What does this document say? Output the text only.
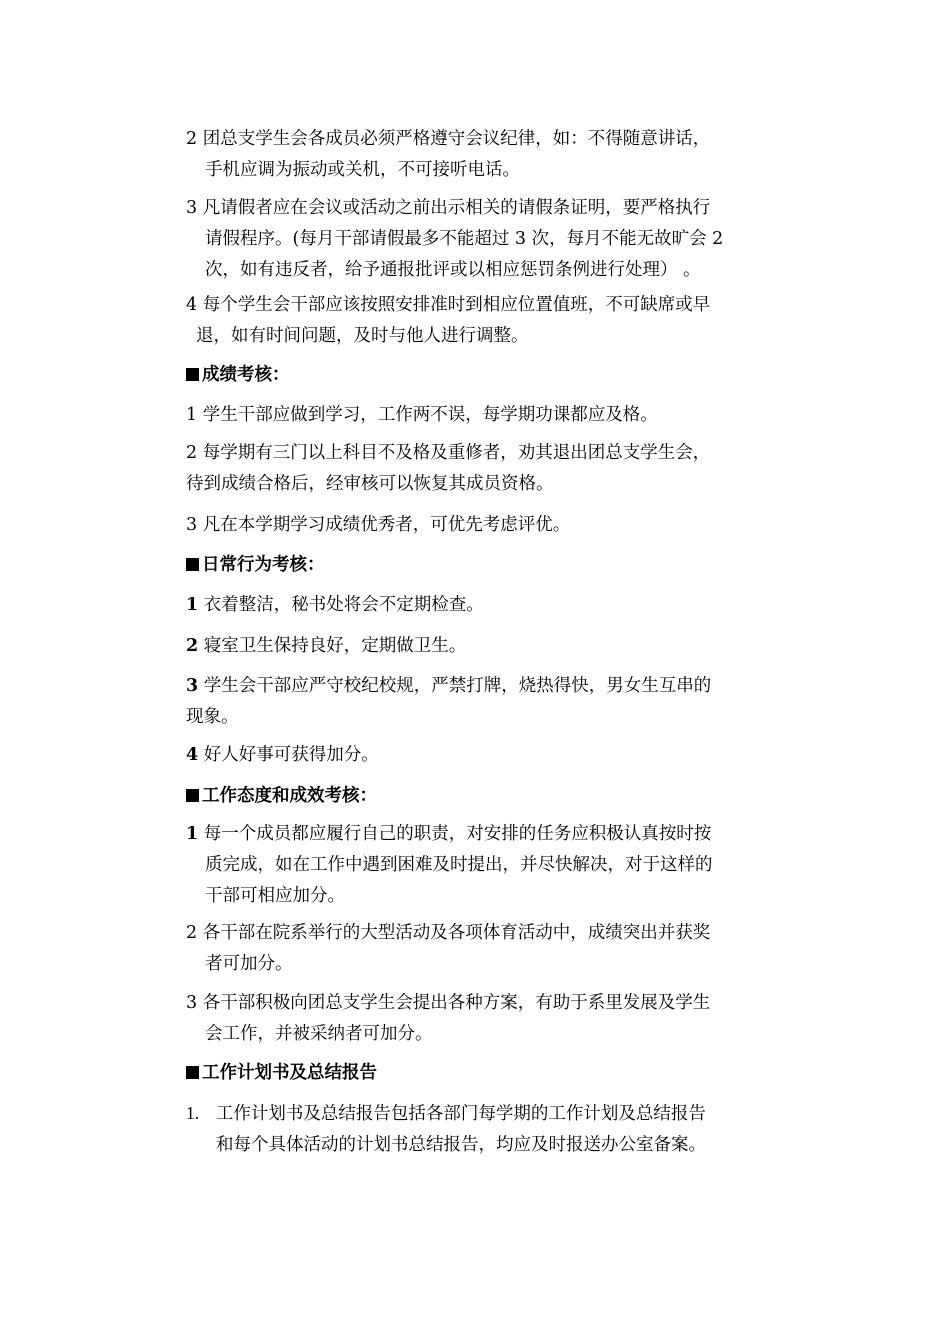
2 团总支学生会各成员必须严格遵守会议纪律，如：不得随意讲话，
手机应调为振动或关机，不可接听电话。
3 凡请假者应在会议或活动之前出示相关的请假条证明，要严格执行
请假程序。(每月干部请假最多不能超过 3 次，每月不能无故旷会 2
次，如有违反者，给予通报批评或以相应惩罚条例进行处理） 。
4 每个学生会干部应该按照安排准时到相应位置值班，不可缺席或早
退，如有时间问题，及时与他人进行调整。
成绩考核：
1 学生干部应做到学习，工作两不误，每学期功课都应及格。
2 每学期有三门以上科目不及格及重修者，劝其退出团总支学生会，
待到成绩合格后，经审核可以恢复其成员资格。
3 凡在本学期学习成绩优秀者，可优先考虑评优。
日常行为考核：
1 衣着整洁，秘书处将会不定期检查。
2 寝室卫生保持良好，定期做卫生。
3 学生会干部应严守校纪校规，严禁打牌，烧热得快，男女生互串的
现象。
4 好人好事可获得加分。
工作态度和成效考核：
1 每一个成员都应履行自己的职责，对安排的任务应积极认真按时按
质完成，如在工作中遇到困难及时提出，并尽快解决，对于这样的
干部可相应加分。
2 各干部在院系举行的大型活动及各项体育活动中，成绩突出并获奖
者可加分。
3 各干部积极向团总支学生会提出各种方案，有助于系里发展及学生
会工作，并被采纳者可加分。
工作计划书及总结报告
1. 工作计划书及总结报告包括各部门每学期的工作计划及总结报告
和每个具体活动的计划书总结报告，均应及时报送办公室备案。
